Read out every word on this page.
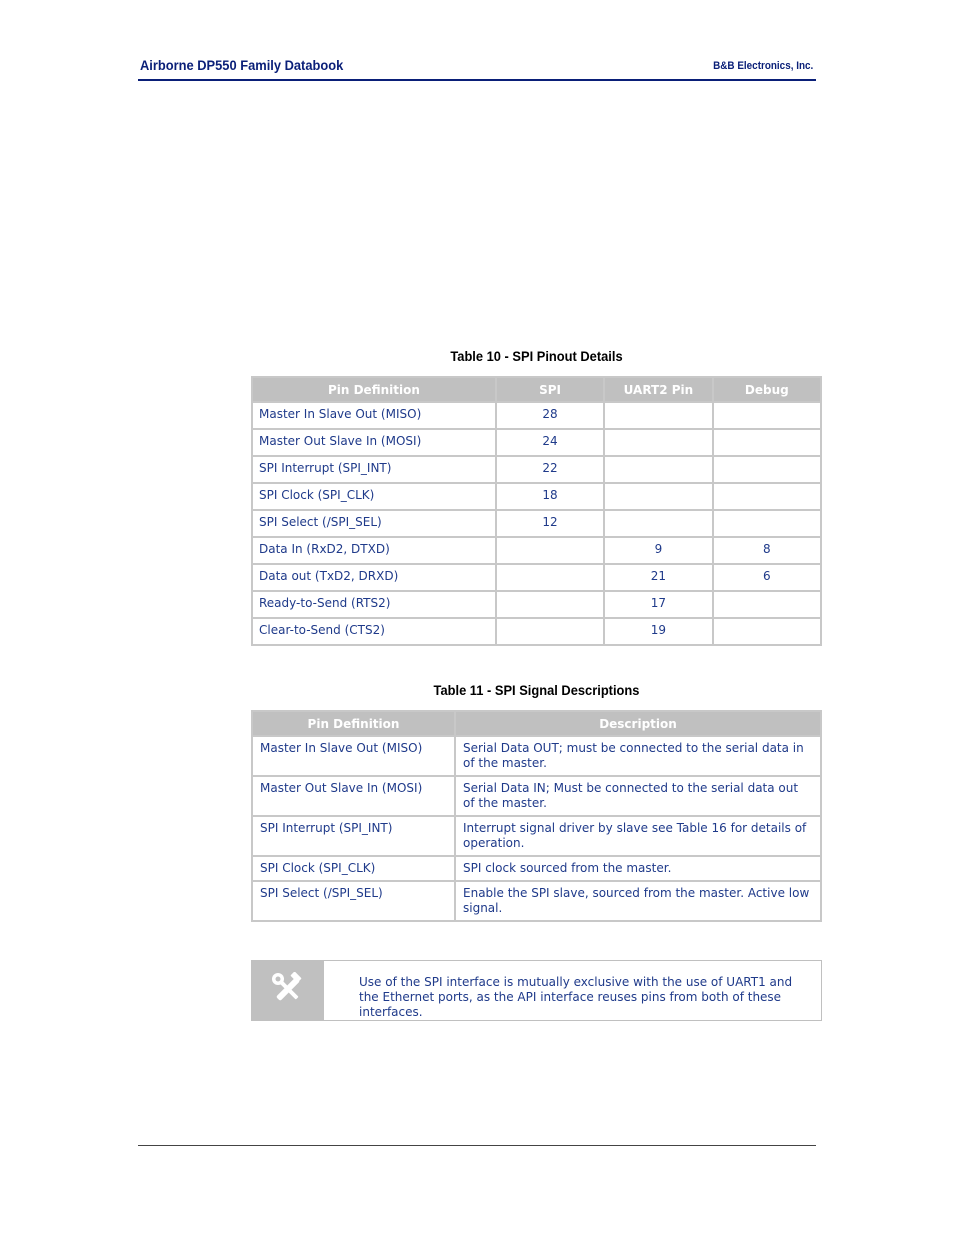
Airborne DP550 Family Databook	B&B Electronics, Inc.
Table 10 - SPI Pinout Details
Pin Definition	SPI	UART2 Pin	Debug
Master In Slave Out (MISO)	28		
Master Out Slave In (MOSI)	24		
SPI Interrupt (SPI_INT)	22		
SPI Clock (SPI_CLK)	18		
SPI Select (/SPI_SEL)	12		
Data In (RxD2, DTXD)		9	8
Data out (TxD2, DRXD)		21	6
Ready-to-Send (RTS2)		17	
Clear-to-Send (CTS2)		19	
Table 11 - SPI Signal Descriptions
Pin Definition	Description
Master In Slave Out (MISO)	Serial Data OUT; must be connected to the serial data in of the master.
Master Out Slave In (MOSI)	Serial Data IN; Must be connected to the serial data out of the master.
SPI Interrupt (SPI_INT)	Interrupt signal driver by slave see Table 16 for details of operation.
SPI Clock (SPI_CLK)	SPI clock sourced from the master.
SPI Select (/SPI_SEL)	Enable the SPI slave, sourced from the master. Active low signal.
Use of the SPI interface is mutually exclusive with the use of UART1 and the Ethernet ports, as the API interface reuses pins from both of these interfaces.
